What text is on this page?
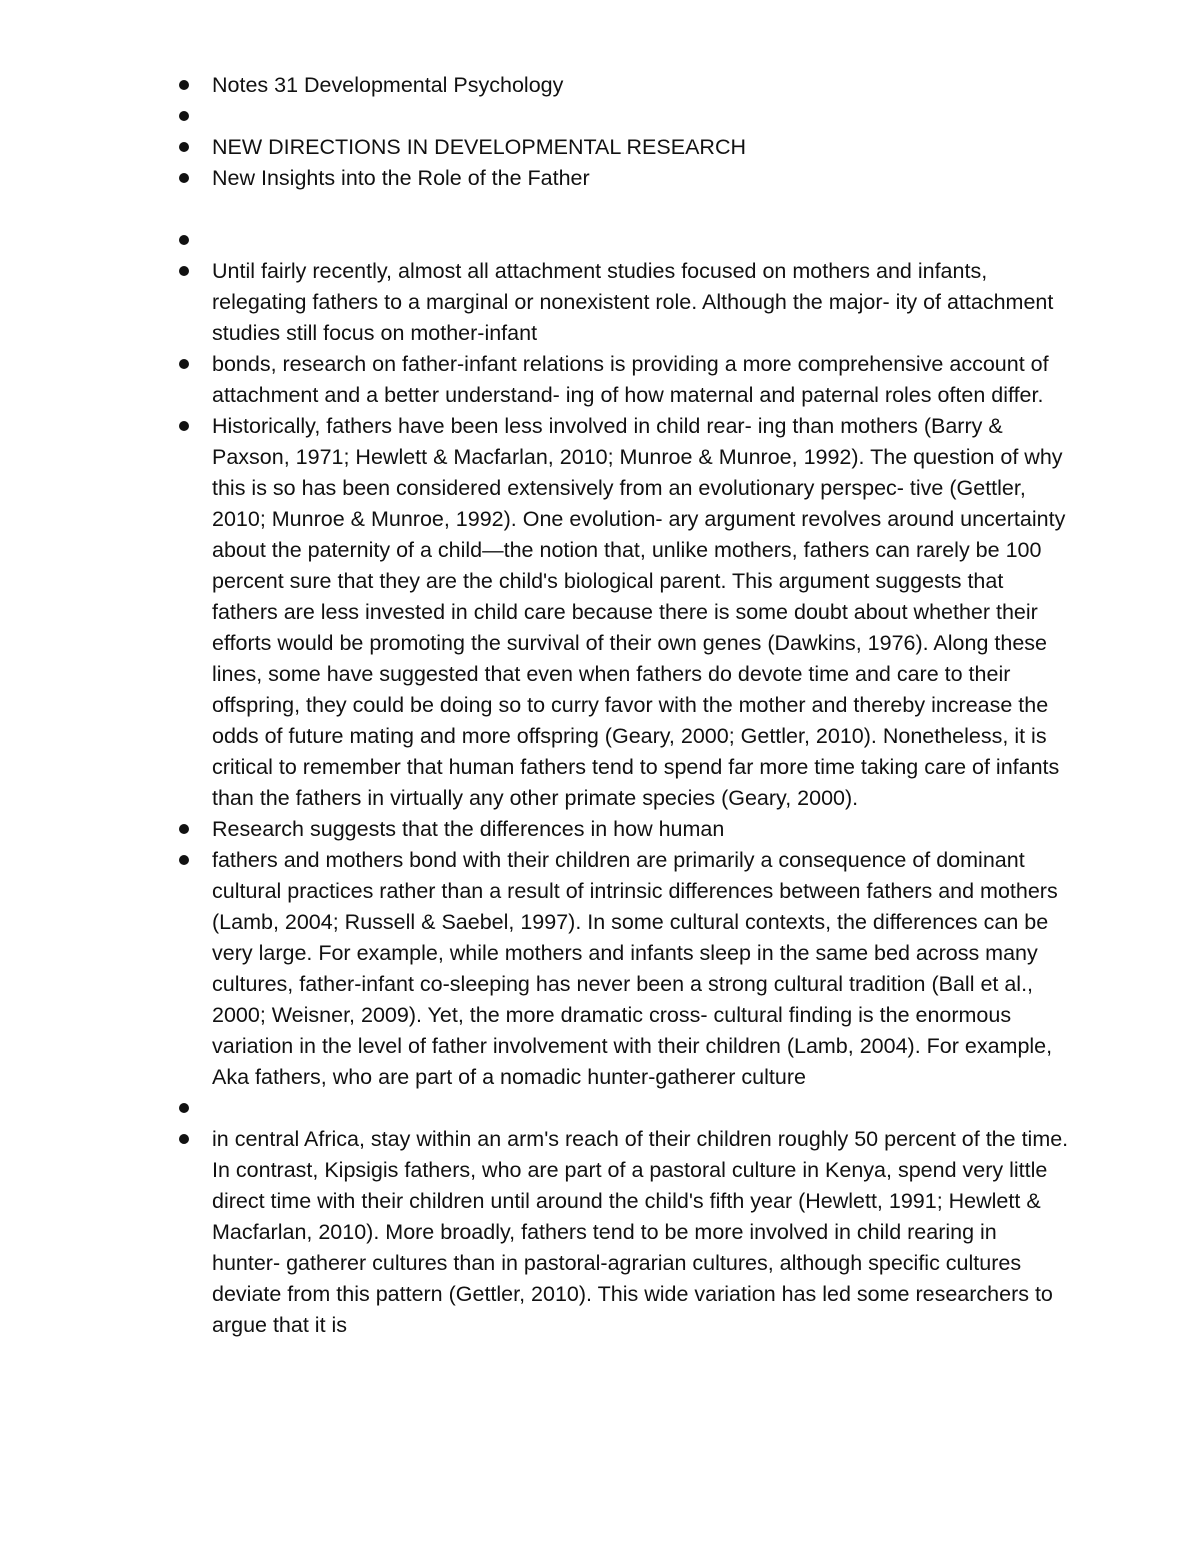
Notes 31 Developmental Psychology
NEW DIRECTIONS IN DEVELOPMENTAL RESEARCH
New Insights into the Role of the Father
Until fairly recently, almost all attachment studies focused on mothers and infants, relegating fathers to a marginal or nonexistent role. Although the major- ity of attachment studies still focus on mother-infant
bonds, research on father-infant relations is providing a more comprehensive account of attachment and a better understand- ing of how maternal and paternal roles often differ.
Historically, fathers have been less involved in child rear- ing than mothers (Barry & Paxson, 1971; Hewlett & Macfarlan, 2010; Munroe & Munroe, 1992). The question of why this is so has been considered extensively from an evolutionary perspec- tive (Gettler, 2010; Munroe & Munroe, 1992). One evolution- ary argument revolves around uncertainty about the paternity of a child—the notion that, unlike mothers, fathers can rarely be 100 percent sure that they are the child's biological parent. This argument suggests that fathers are less invested in child care because there is some doubt about whether their efforts would be promoting the survival of their own genes (Dawkins, 1976). Along these lines, some have suggested that even when fathers do devote time and care to their offspring, they could be doing so to curry favor with the mother and thereby increase the odds of future mating and more offspring (Geary, 2000; Gettler, 2010). Nonetheless, it is critical to remember that human fathers tend to spend far more time taking care of infants than the fathers in virtually any other primate species (Geary, 2000).
Research suggests that the differences in how human
fathers and mothers bond with their children are primarily a consequence of dominant cultural practices rather than a result of intrinsic differences between fathers and mothers (Lamb, 2004; Russell & Saebel, 1997). In some cultural contexts, the differences can be very large. For example, while mothers and infants sleep in the same bed across many cultures, father-infant co-sleeping has never been a strong cultural tradition (Ball et al., 2000; Weisner, 2009). Yet, the more dramatic cross- cultural finding is the enormous variation in the level of father involvement with their children (Lamb, 2004). For example, Aka fathers, who are part of a nomadic hunter-gatherer culture
in central Africa, stay within an arm's reach of their children roughly 50 percent of the time. In contrast, Kipsigis fathers, who are part of a pastoral culture in Kenya, spend very little direct time with their children until around the child's fifth year (Hewlett, 1991; Hewlett & Macfarlan, 2010). More broadly, fathers tend to be more involved in child rearing in hunter- gatherer cultures than in pastoral-agrarian cultures, although specific cultures deviate from this pattern (Gettler, 2010). This wide variation has led some researchers to argue that it is
